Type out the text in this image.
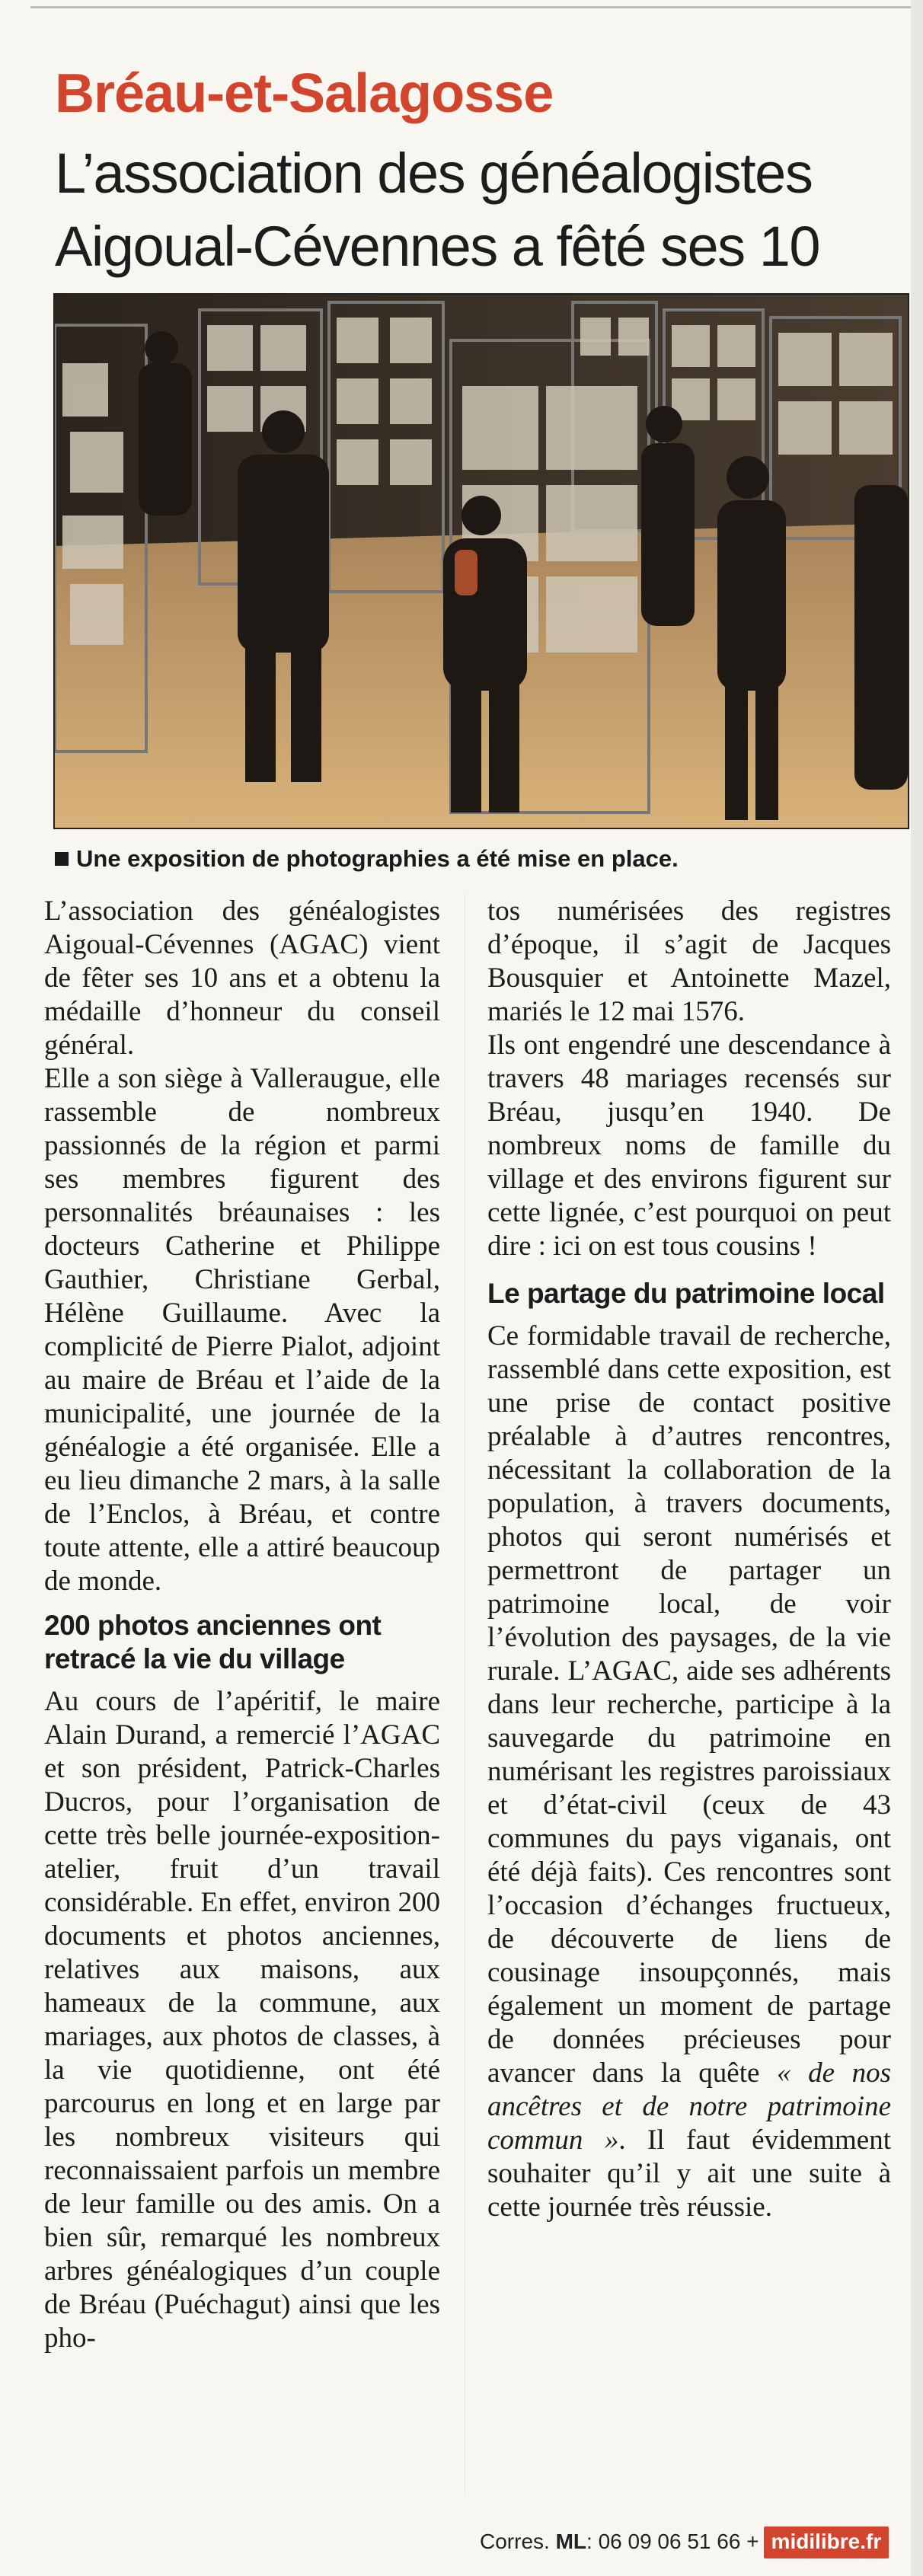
Bréau-et-Salagosse
L’association des généalogistes
Aigoual-Cévennes a fêté ses 10
Une exposition de photographies a été mise en place.

L’association des généalogistes Aigoual-Cévennes (AGAC) vient de fêter ses 10 ans et a obtenu la médaille d’honneur du conseil général.

Elle a son siège à Valleraugue, elle rassemble de nombreux passionnés de la région et parmi ses membres figurent des personnalités bréaunaises : les docteurs Catherine et Philippe Gauthier, Christiane Gerbal, Hélène Guillaume. Avec la complicité de Pierre Pialot, adjoint au maire de Bréau et l’aide de la municipalité, une journée de la généalogie a été organisée. Elle a eu lieu dimanche 2 mars, à la salle de l’Enclos, à Bréau, et contre toute attente, elle a attiré beaucoup de monde.

200 photos anciennes ont retracé la vie du village

Au cours de l’apéritif, le maire Alain Durand, a remercié l’AGAC et son président, Patrick-Charles Ducros, pour l’organisation de cette très belle journée-exposition-atelier, fruit d’un travail considérable. En effet, environ 200 documents et photos anciennes, relatives aux maisons, aux hameaux de la commune, aux mariages, aux photos de classes, à la vie quotidienne, ont été parcourus en long et en large par les nombreux visiteurs qui reconnaissaient parfois un membre de leur famille ou des amis. On a bien sûr, remarqué les nombreux arbres généalogiques d’un couple de Bréau (Puéchagut) ainsi que les pho-

tos numérisées des registres d’époque, il s’agit de Jacques Bousquier et Antoinette Mazel, mariés le 12 mai 1576.

Ils ont engendré une descendance à travers 48 mariages recensés sur Bréau, jusqu’en 1940. De nombreux noms de famille du village et des environs figurent sur cette lignée, c’est pourquoi on peut dire : ici on est tous cousins !

Le partage du patrimoine local

Ce formidable travail de recherche, rassemblé dans cette exposition, est une prise de contact positive préalable à d’autres rencontres, nécessitant la collaboration de la population, à travers documents, photos qui seront numérisés et permettront de partager un patrimoine local, de voir l’évolution des paysages, de la vie rurale. L’AGAC, aide ses adhérents dans leur recherche, participe à la sauvegarde du patrimoine en numérisant les registres paroissiaux et d’état-civil (ceux de 43 communes du pays viganais, ont été déjà faits). Ces rencontres sont l’occasion d’échanges fructueux, de découverte de liens de cousinage insoupçonnés, mais également un moment de partage de données précieuses pour avancer dans la quête « de nos ancêtres et de notre patrimoine commun ». Il faut évidemment souhaiter qu’il y ait une suite à cette journée très réussie.

Corres. ML: 06 09 06 51 66 + midilibre.fr
